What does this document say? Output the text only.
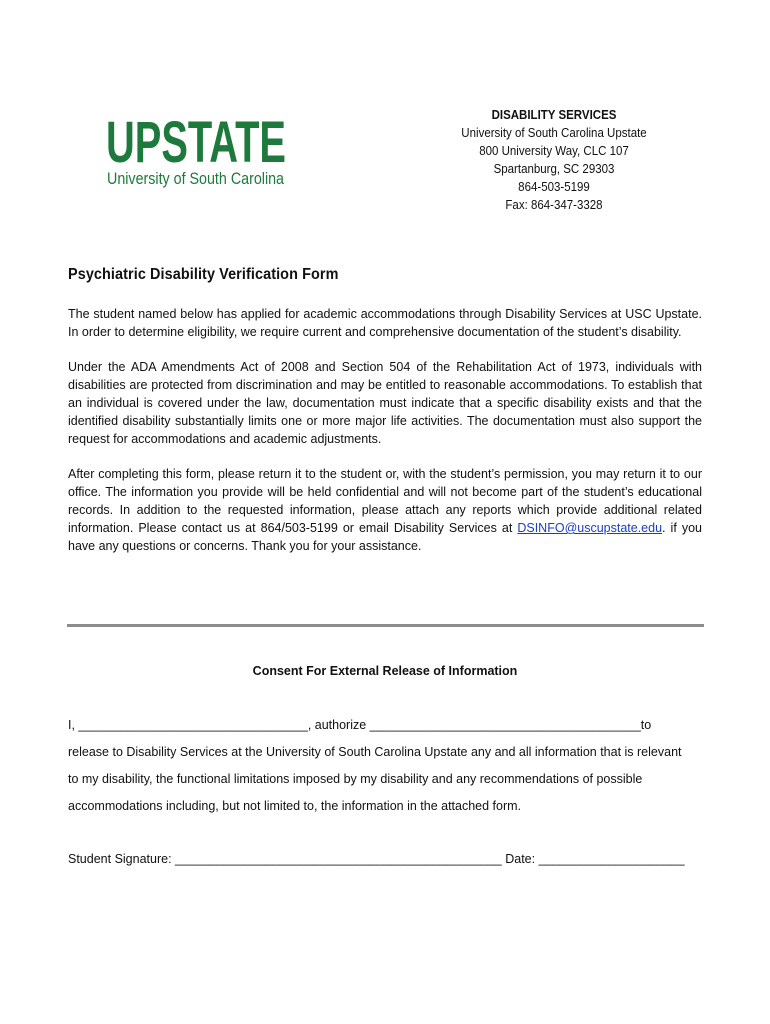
UPSTATE
University of South Carolina
DISABILITY SERVICES
University of South Carolina Upstate
800 University Way, CLC 107
Spartanburg, SC 29303
864-503-5199
Fax: 864-347-3328
Psychiatric Disability Verification Form
The student named below has applied for academic accommodations through Disability Services at USC Upstate.
In order to determine eligibility, we require current and comprehensive documentation of the student’s disability.
Under the ADA Amendments Act of 2008 and Section 504 of the Rehabilitation Act of 1973, individuals with
disabilities are protected from discrimination and may be entitled to reasonable accommodations. To establish that
an individual is covered under the law, documentation must indicate that a specific disability exists and that the
identified disability substantially limits one or more major life activities. The documentation must also support the
request for accommodations and academic adjustments.
After completing this form, please return it to the student or, with the student’s permission, you may return it to our
office. The information you provide will be held confidential and will not become part of the student’s educational
records. In addition to the requested information, please attach any reports which provide additional related
information. Please contact us at 864/503-5199 or email Disability Services at DSINFO@uscupstate.edu. if you
have any questions or concerns. Thank you for your assistance.
Consent For External Release of Information
I, _________________________________, authorize _______________________________________to
release to Disability Services at the University of South Carolina Upstate any and all information that is relevant
to my disability, the functional limitations imposed by my disability and any recommendations of possible
accommodations including, but not limited to, the information in the attached form.
Student Signature: _______________________________________________ Date: _____________________
